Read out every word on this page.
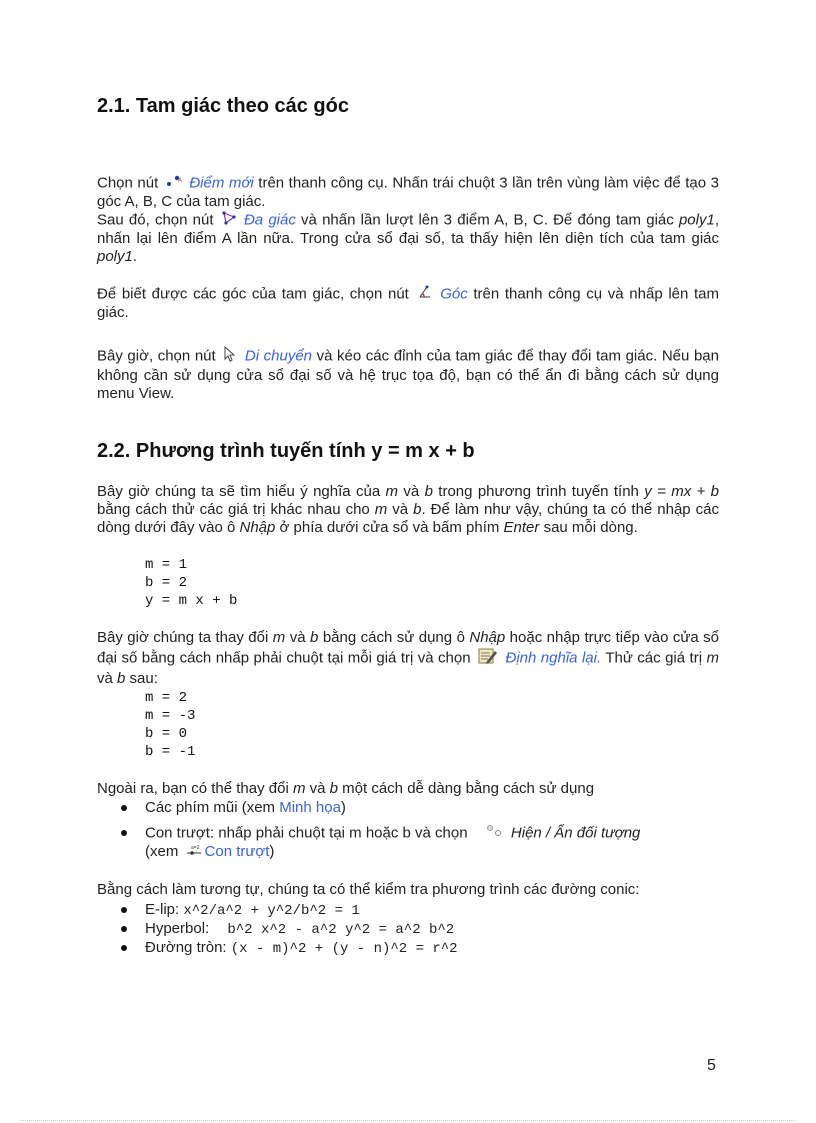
2.1. Tam giác theo các góc
Chọn nút	A Điểm mới trên thanh công cụ. Nhấn trái chuột 3 lần trên vùng làm việc để tạo 3 góc A, B, C của tam giác.
Sau đó, chọn nút Đa giác và nhấn lần lượt lên 3 điểm A, B, C. Để đóng tam giác poly1, nhấn lại lên điểm A lần nữa. Trong cửa sổ đại số, ta thấy hiện lên diện tích của tam giác poly1.
Để biết được các góc của tam giác, chọn nút Góc trên thanh công cụ và nhấp lên tam giác.
Bây giờ, chọn nút Di chuyển và kéo các đỉnh của tam giác để thay đổi tam giác. Nếu bạn không cần sử dụng cửa sổ đại số và hệ trục tọa độ, bạn có thể ẩn đi bằng cách sử dụng menu View.
2.2. Phương trình tuyến tính y = m x + b
Bây giờ chúng ta sẽ tìm hiểu ý nghĩa của m và b trong phương trình tuyến tính y = mx + b bằng cách thử các giá trị khác nhau cho m và b. Để làm như vậy, chúng ta có thể nhập các dòng dưới đây vào ô Nhập ở phía dưới cửa sổ và bấm phím Enter sau mỗi dòng.
m = 1
b = 2
y = m x + b
Bây giờ chúng ta thay đổi m và b bằng cách sử dụng ô Nhập hoặc nhập trực tiếp vào cửa sổ đại số bằng cách nhấp phải chuột tại mỗi giá trị và chọn Định nghĩa lại. Thử các giá trị m và b sau:
m = 2
m = -3
b = 0
b = -1
Ngoài ra, bạn có thể thay đổi m và b một cách dễ dàng bằng cách sử dụng
Các phím mũi (xem Minh họa)
Con trượt: nhấp phải chuột tại m hoặc b và chọn	Hiện / Ẩn đối tượng
(xem a=2 Con trượt)
Bằng cách làm tương tự, chúng ta có thể kiểm tra phương trình các đường conic:
E-lip: x^2/a^2 + y^2/b^2 = 1
Hyperbol: b^2 x^2 - a^2 y^2 = a^2 b^2
Đường tròn: (x - m)^2 + (y - n)^2 = r^2
5
